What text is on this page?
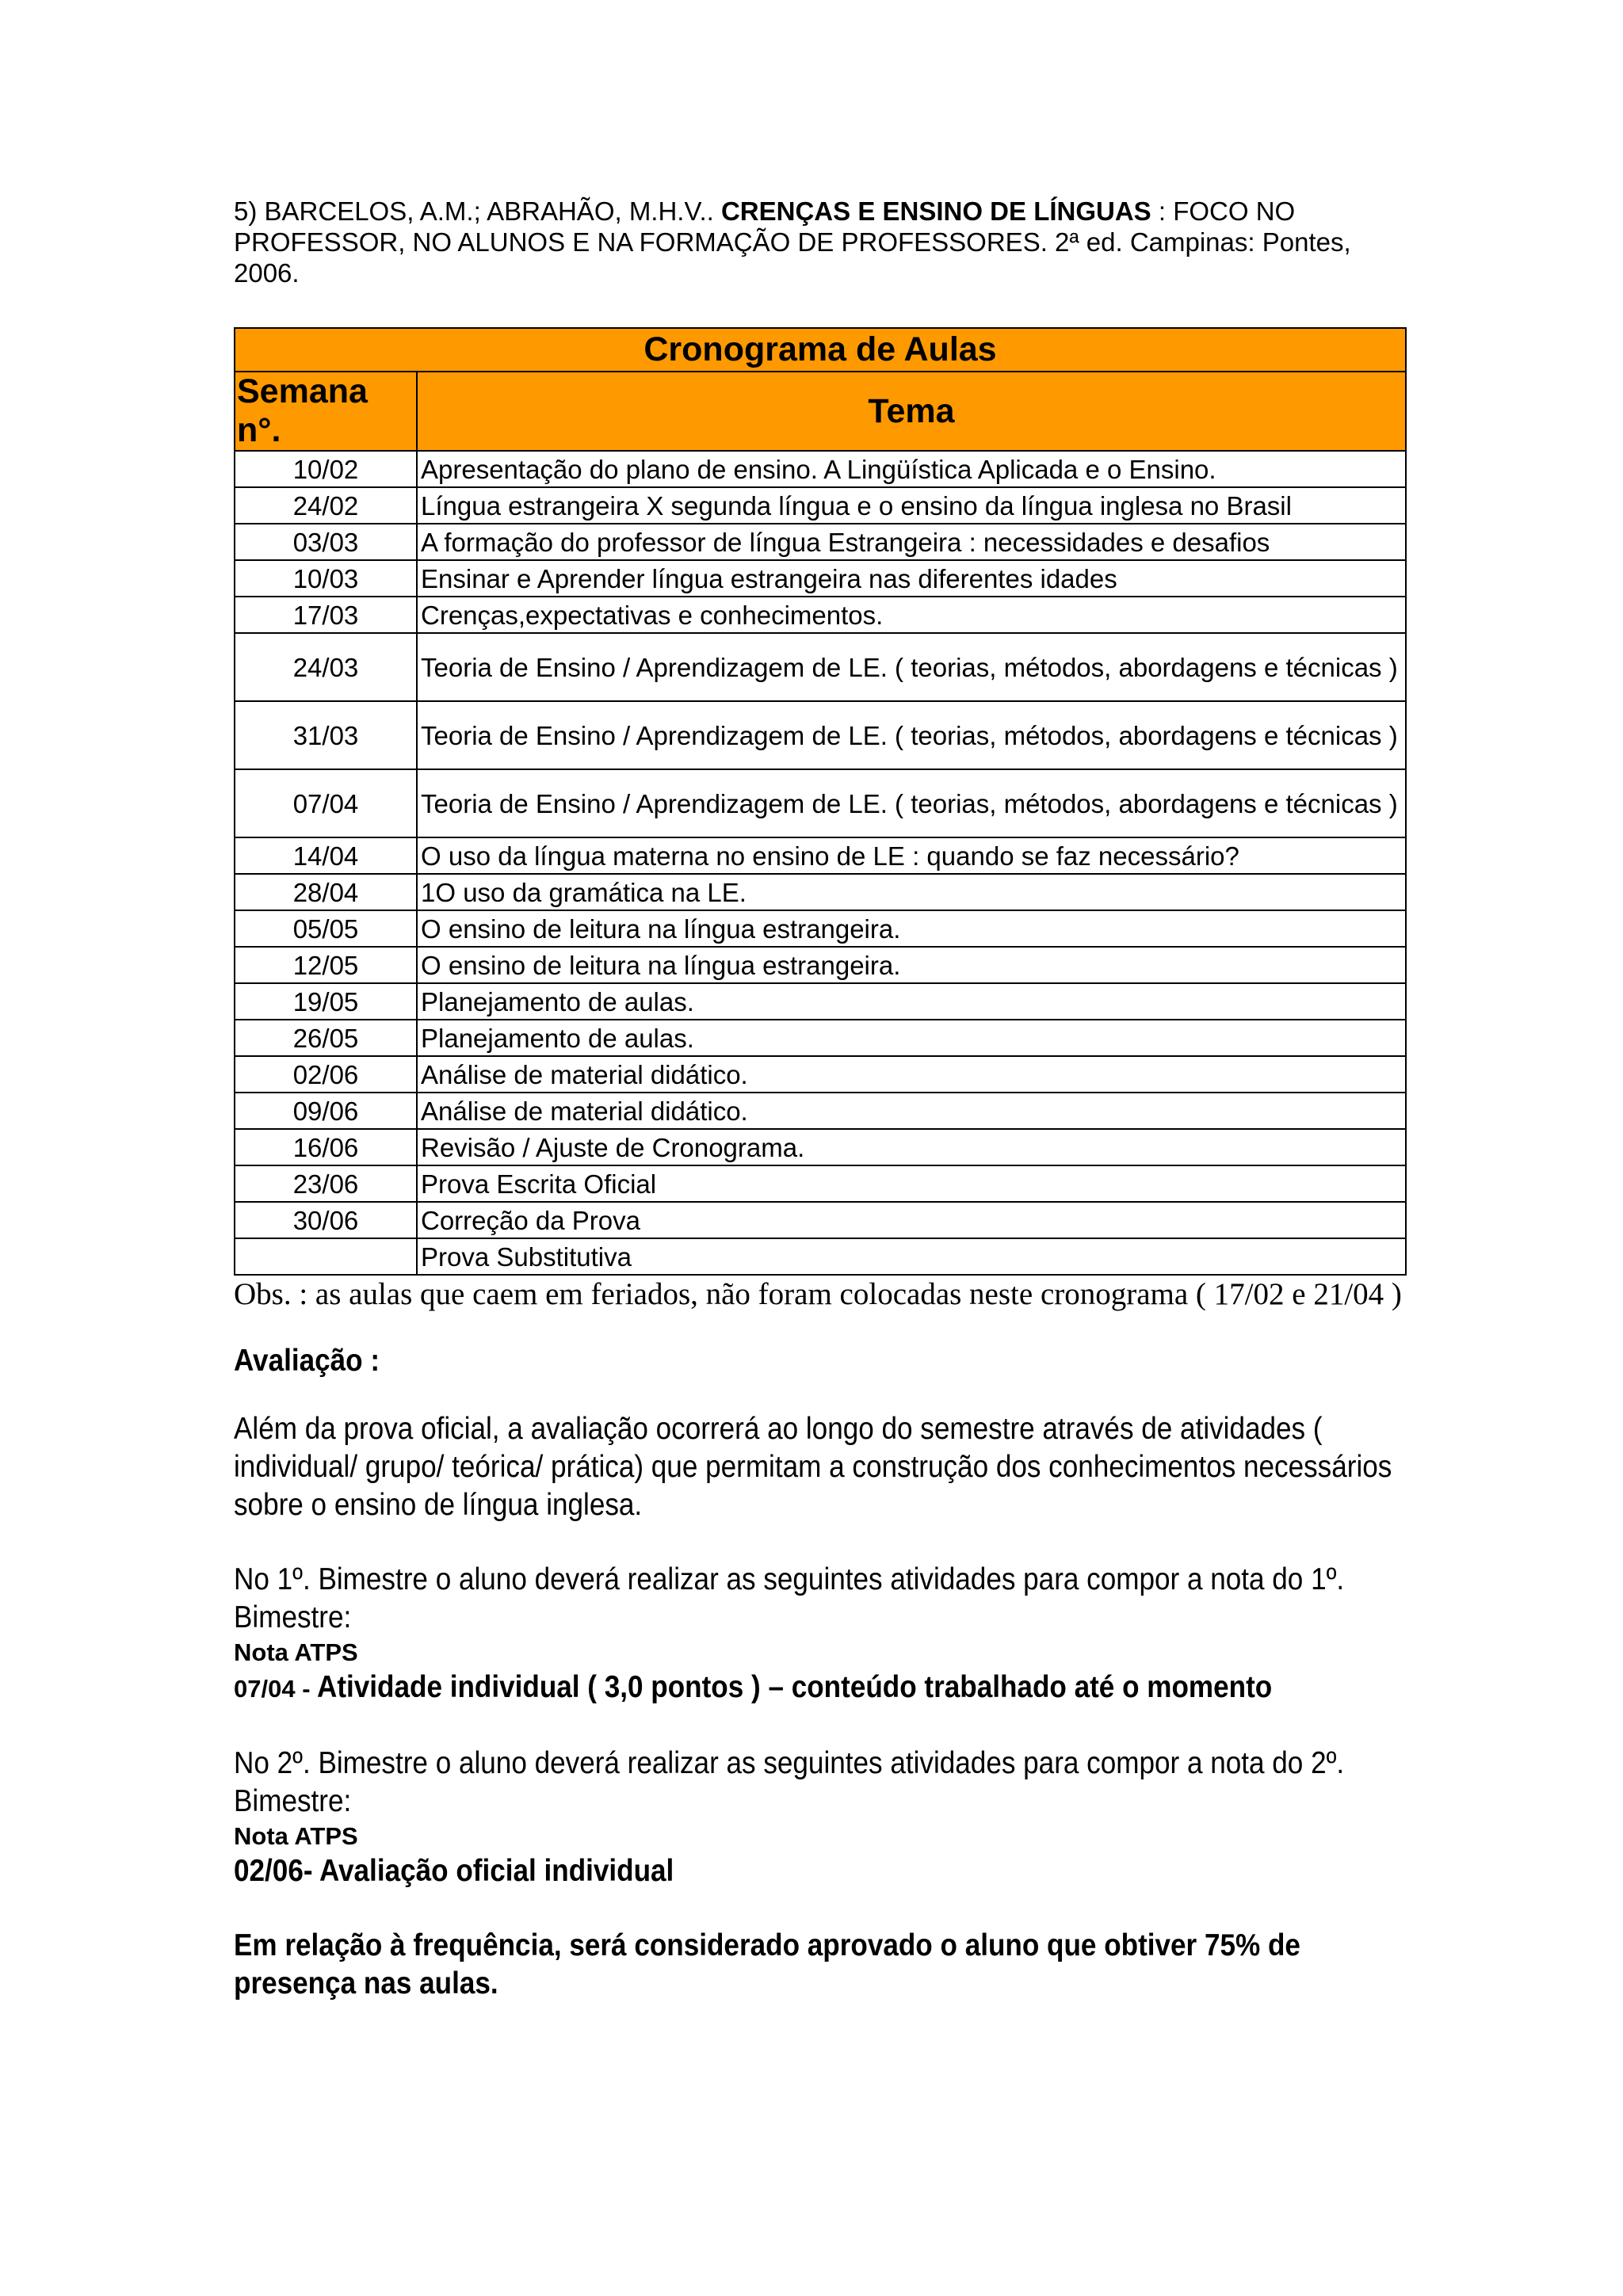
5) BARCELOS, A.M.; ABRAHÃO, M.H.V.. CRENÇAS E ENSINO DE LÍNGUAS : FOCO NO PROFESSOR, NO ALUNOS E NA FORMAÇÃO DE PROFESSORES. 2ª ed. Campinas: Pontes, 2006.

Cronograma de Aulas	
Semana n°.	Tema
10/02	Apresentação do plano de ensino. A Lingüística Aplicada e o Ensino.
24/02	Língua estrangeira X segunda língua e o ensino da língua inglesa no Brasil
03/03	A formação do professor de língua Estrangeira : necessidades e desafios
10/03	Ensinar e Aprender língua estrangeira nas diferentes idades
17/03	Crenças,expectativas e conhecimentos.
24/03	Teoria de Ensino / Aprendizagem de LE. ( teorias, métodos, abordagens e técnicas )
31/03	Teoria de Ensino / Aprendizagem de LE. ( teorias, métodos, abordagens e técnicas )
07/04	Teoria de Ensino / Aprendizagem de LE. ( teorias, métodos, abordagens e técnicas )
14/04	O uso da língua materna no ensino de LE : quando se faz necessário?
28/04	1O uso da gramática na LE.
05/05	O ensino de leitura na língua estrangeira.
12/05	O ensino de leitura na língua estrangeira.
19/05	Planejamento de aulas.
26/05	Planejamento de aulas.
02/06	Análise de material didático.
09/06	Análise de material didático.
16/06	Revisão / Ajuste de Cronograma.
23/06	Prova Escrita Oficial
30/06	Correção da Prova
	Prova Substitutiva

Obs. : as aulas que caem em feriados, não foram colocadas neste cronograma ( 17/02 e 21/04 )

Avaliação :

Além da prova oficial, a avaliação ocorrerá ao longo do semestre através de atividades ( individual/ grupo/ teórica/ prática) que permitam a construção dos conhecimentos necessários sobre o ensino de língua inglesa.

No 1º. Bimestre o aluno deverá realizar as seguintes atividades para compor a nota do 1º. Bimestre:

Nota ATPS

07/04 - Atividade individual ( 3,0 pontos ) – conteúdo trabalhado até o momento

No 2º. Bimestre o aluno deverá realizar as seguintes atividades para compor a nota do 2º. Bimestre:

Nota ATPS

02/06- Avaliação oficial individual

Em relação à frequência, será considerado aprovado o aluno que obtiver 75% de presença nas aulas.
